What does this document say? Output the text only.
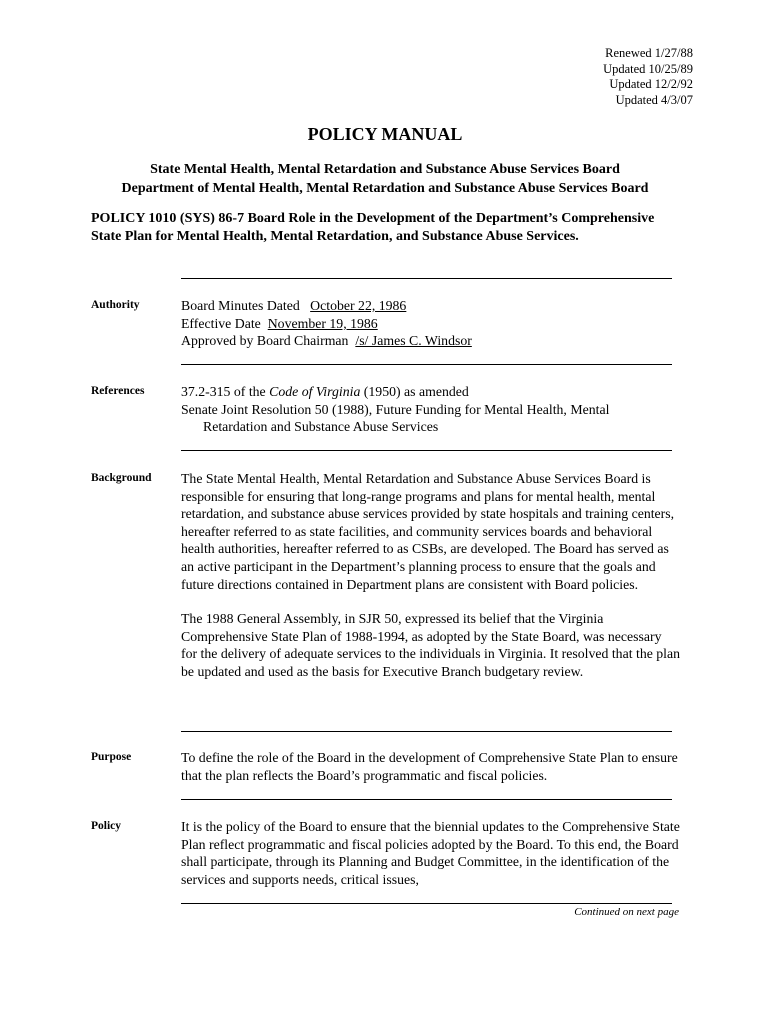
Renewed 1/27/88
Updated 10/25/89
Updated 12/2/92
Updated 4/3/07
POLICY MANUAL
State Mental Health, Mental Retardation and Substance Abuse Services Board
Department of Mental Health, Mental Retardation and Substance Abuse Services Board
POLICY 1010 (SYS) 86-7 Board Role in the Development of the Department’s Comprehensive State Plan for Mental Health, Mental Retardation, and Substance Abuse Services.
Authority	Board Minutes Dated October 22, 1986
Effective Date November 19, 1986
Approved by Board Chairman /s/ James C. Windsor
References	37.2-315 of the Code of Virginia (1950) as amended
Senate Joint Resolution 50 (1988), Future Funding for Mental Health, Mental
Retardation and Substance Abuse Services
Background The State Mental Health, Mental Retardation and Substance Abuse Services Board is responsible for ensuring that long-range programs and plans for mental health, mental retardation, and substance abuse services provided by state hospitals and training centers, hereafter referred to as state facilities, and community services boards and behavioral health authorities, hereafter referred to as CSBs, are developed. The Board has served as an active participant in the Department’s planning process to ensure that the goals and future directions contained in Department plans are consistent with Board policies.

The 1988 General Assembly, in SJR 50, expressed its belief that the Virginia Comprehensive State Plan of 1988-1994, as adopted by the State Board, was necessary for the delivery of adequate services to the individuals in Virginia. It resolved that the plan be updated and used as the basis for Executive Branch budgetary review.

Purpose	To define the role of the Board in the development of Comprehensive State Plan to ensure that the plan reflects the Board’s programmatic and fiscal policies.
Policy	It is the policy of the Board to ensure that the biennial updates to the Comprehensive State Plan reflect programmatic and fiscal policies adopted by the Board. To this end, the Board shall participate, through its Planning and Budget Committee, in the identification of the services and supports needs, critical issues,
Continued on next page
